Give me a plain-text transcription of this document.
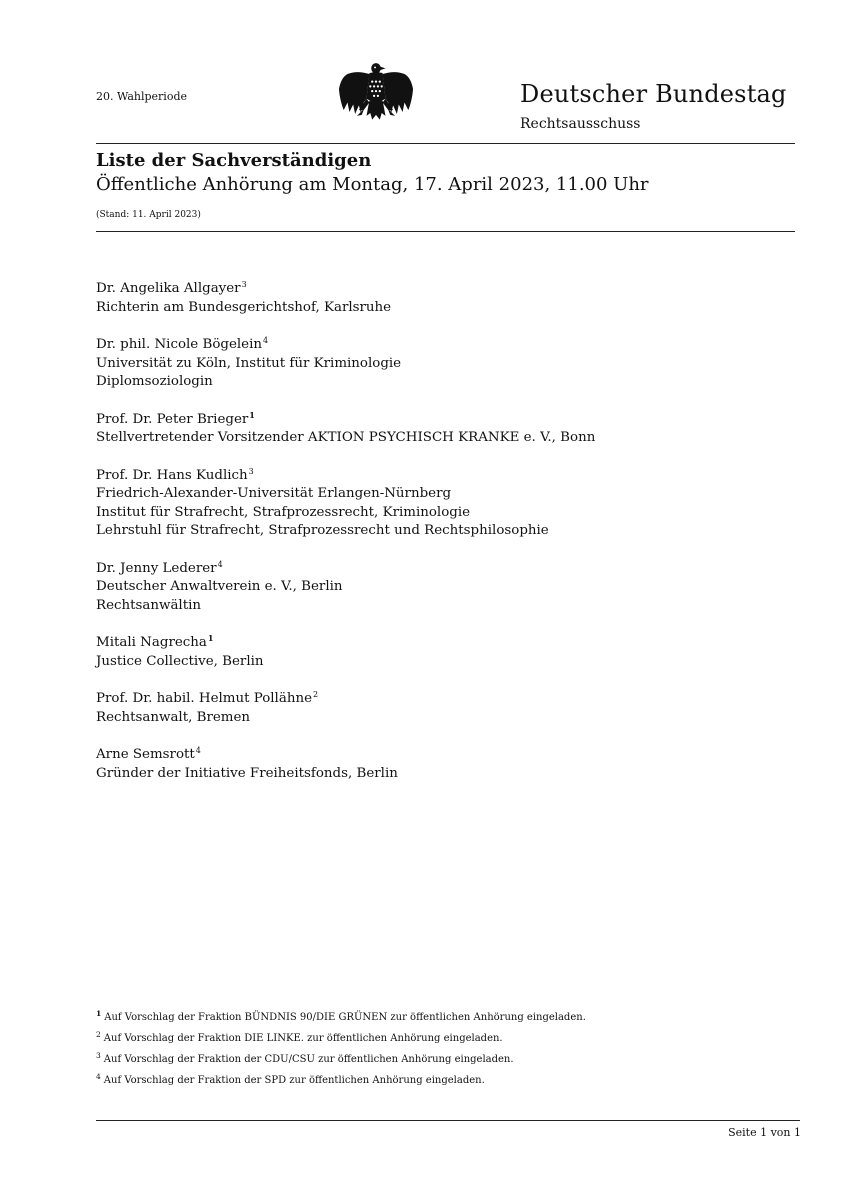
20. Wahlperiode	Deutscher Bundestag
Rechtsausschuss
Liste der Sachverständigen
Öffentliche Anhörung am Montag, 17. April 2023, 11.00 Uhr
(Stand: 11. April 2023)
Dr. Angelika Allgayer$^3$
Richterin am Bundesgerichtshof, Karlsruhe
Dr. phil. Nicole Bögelein$^4$
Universität zu Köln, Institut für Kriminologie
Diplomsoziologin
Prof. Dr. Peter Brieger$^1$
Stellvertretender Vorsitzender AKTION PSYCHISCH KRANKE e. V., Bonn
Prof. Dr. Hans Kudlich$^3$
Friedrich-Alexander-Universität Erlangen-Nürnberg
Institut für Strafrecht, Strafprozessrecht, Kriminologie
Lehrstuhl für Strafrecht, Strafprozessrecht und Rechtsphilosophie
Dr. Jenny Lederer$^4$
Deutscher Anwaltverein e. V., Berlin
Rechtsanwältin
Mitali Nagrecha$^1$
Justice Collective, Berlin
Prof. Dr. habil. Helmut Pollähne$^2$
Rechtsanwalt, Bremen
Arne Semsrott$^4$
Gründer der Initiative Freiheitsfonds, Berlin
$^1$ Auf Vorschlag der Fraktion BÜNDNIS 90/DIE GRÜNEN zur öffentlichen Anhörung eingeladen.
$^2$ Auf Vorschlag der Fraktion DIE LINKE. zur öffentlichen Anhörung eingeladen.
$^3$ Auf Vorschlag der Fraktion der CDU/CSU zur öffentlichen Anhörung eingeladen.
$^4$ Auf Vorschlag der Fraktion der SPD zur öffentlichen Anhörung eingeladen.
Seite 1 von 1
